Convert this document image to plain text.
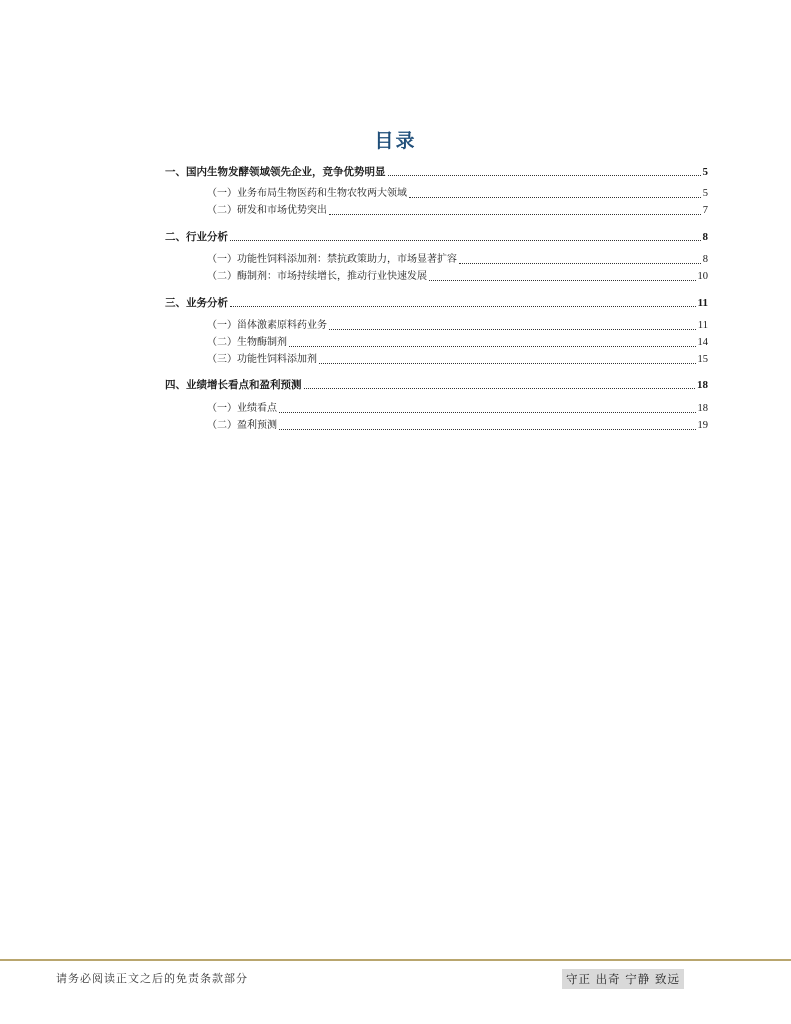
目录
一、国内生物发酵领域领先企业，竞争优势明显	5
（一）业务布局生物医药和生物农牧两大领域	5
（二）研发和市场优势突出	7
二、行业分析	8
（一）功能性饲料添加剂：禁抗政策助力，市场显著扩容	8
（二）酶制剂：市场持续增长，推动行业快速发展	10
三、业务分析	11
（一）甾体激素原料药业务	11
（二）生物酶制剂	14
（三）功能性饲料添加剂	15
四、业绩增长看点和盈利预测	18
（一）业绩看点	18
（二）盈利预测	19
请务必阅读正文之后的免责条款部分	守正 出奇 宁静 致远
